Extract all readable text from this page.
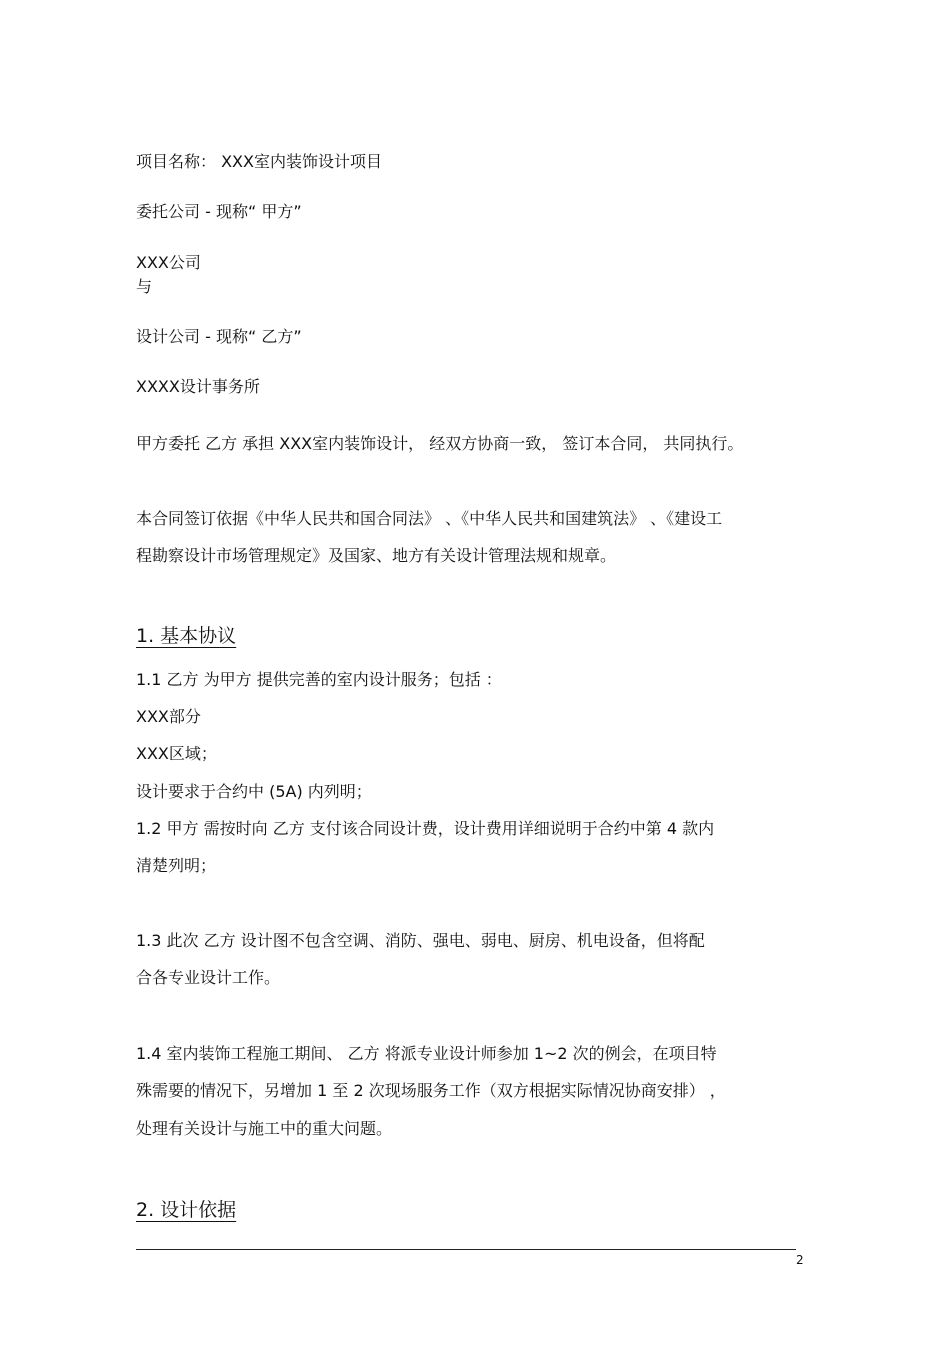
项目名称： XXX室内装饰设计项目
委托公司 - 现称“ 甲方”
XXX公司
与
设计公司 - 现称“ 乙方”
XXXX设计事务所
甲方委托 乙方 承担 XXX室内装饰设计， 经双方协商一致， 签订本合同， 共同执行。
本合同签订依据《中华人民共和国合同法》 、《中华人民共和国建筑法》 、《建设工
程勘察设计市场管理规定》及国家、地方有关设计管理法规和规章。
1. 基本协议
1.1 乙方 为甲方 提供完善的室内设计服务；包括 ：
XXX部分
XXX区域；
设计要求于合约中 (5A) 内列明；
1.2 甲方 需按时向 乙方 支付该合同设计费，设计费用详细说明于合约中第 4 款内
清楚列明；
1.3 此次 乙方 设计图不包含空调、消防、强电、弱电、厨房、机电设备，但将配
合各专业设计工作。
1.4 室内装饰工程施工期间、 乙方 将派专业设计师参加 1~2 次的例会，在项目特
殊需要的情况下，另增加 1 至 2 次现场服务工作（双方根据实际情况协商安排） ，
处理有关设计与施工中的重大问题。
2. 设计依据
2
